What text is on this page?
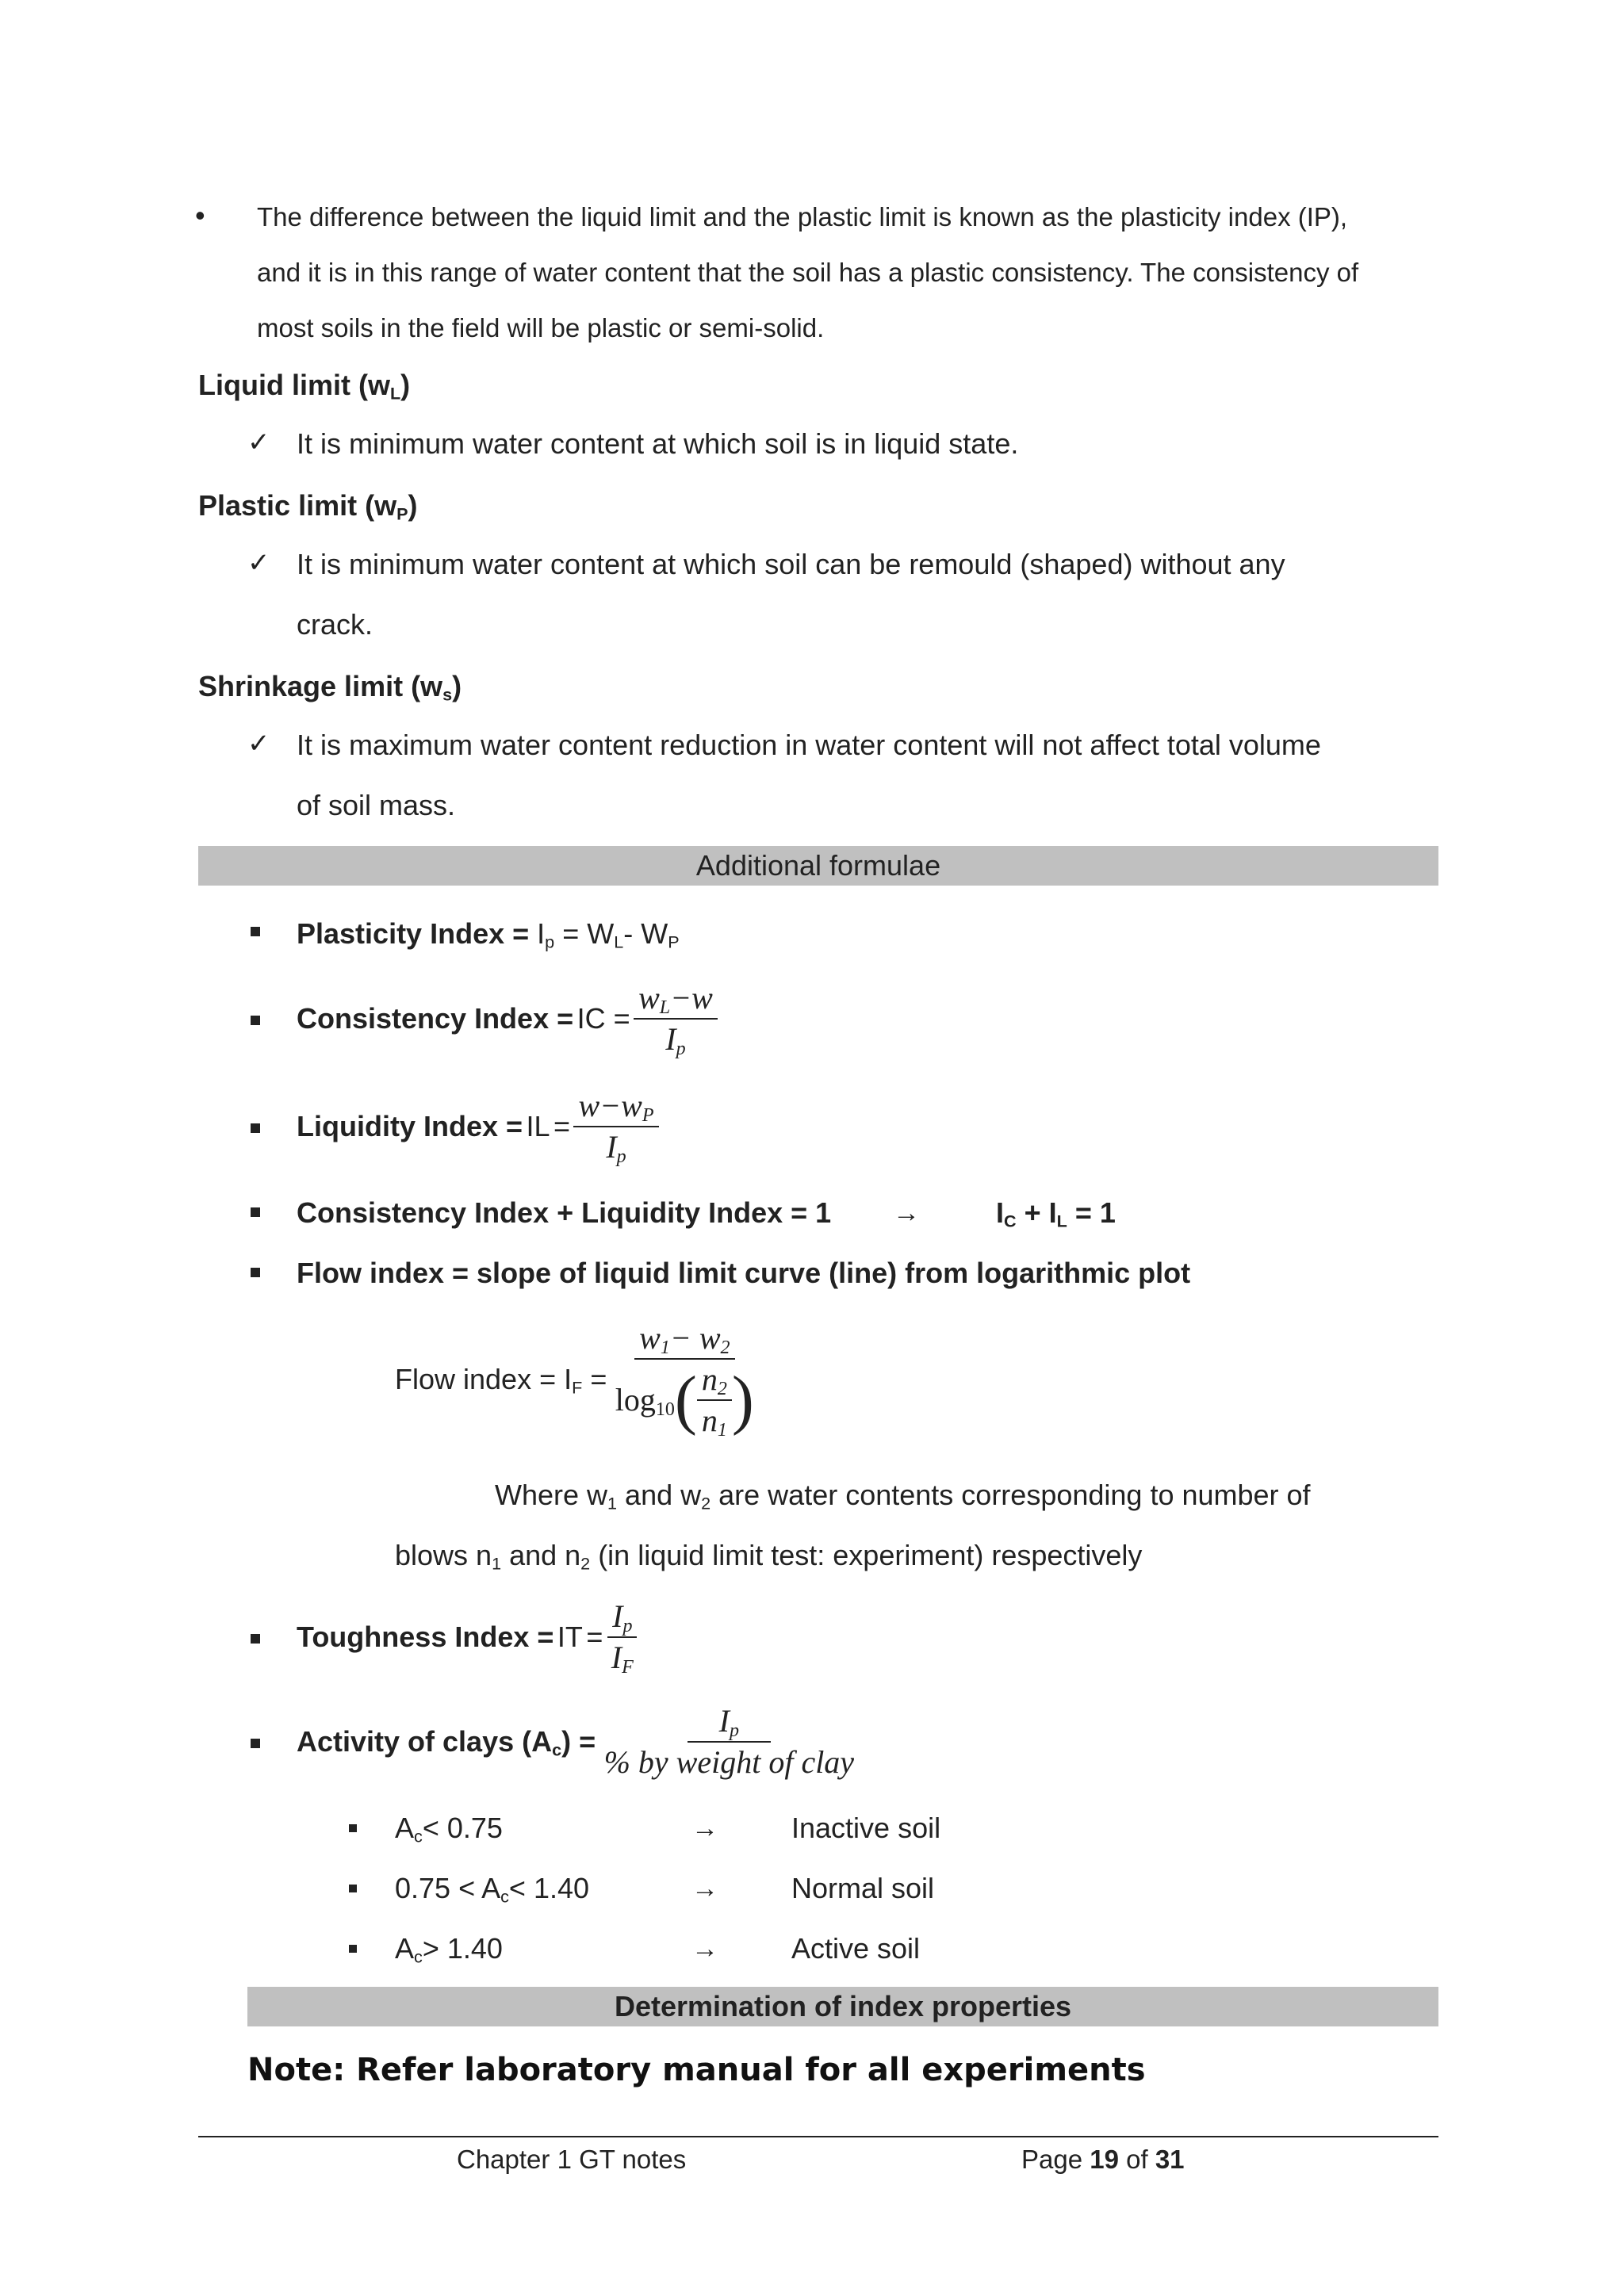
• The difference between the liquid limit and the plastic limit is known as the plasticity index (IP),
and it is in this range of water content that the soil has a plastic consistency. The consistency of
most soils in the field will be plastic or semi-solid.
Liquid limit $(w_L)$
✓ It is minimum water content at which soil is in liquid state.
Plastic limit $(w_P)$
✓ It is minimum water content at which soil can be remould (shaped) without any
crack.
Shrinkage limit $(w_s)$
✓ It is maximum water content reduction in water content will not affect total volume
of soil mass.
Additional formulae
Plasticity Index = $I_p = W_L-$ $W_P$
Consistency Index =
IC =
$\frac{w_L-w}{I_p}$
Liquidity Index =
I L
=
$\frac{w-w_P}{I_p}$
Consistency Index + Liquidity Index = 1 →	$I_C + I_L = 1$
Flow index = slope of liquid limit curve (line) from logarithmic plot
Flow index = $I_F$ =
$\frac{w_1- w_2}{\log_{10} ( \frac{n_2}{n_1} )}$
Where $w_1$ and $w_2$ are water contents corresponding to number of
blows $n_1$ and $n_2$ (in liquid limit test: experiment) respectively
Toughness Index =
I T
=
$\frac{I_p}{I_F}$
Activity of clays $(A_c)$ =
$\frac{I_p}{\text{\% by weight of clay}}$
$A_c< 0.75$	→	Inactive soil
$0.75 < A_c< 1.40$	→	Normal soil
$A_c> 1.40$	→	Active soil
Determination of index properties
Note: Refer laboratory manual for all experiments
Chapter 1 GT notes	Page 19 of 31
